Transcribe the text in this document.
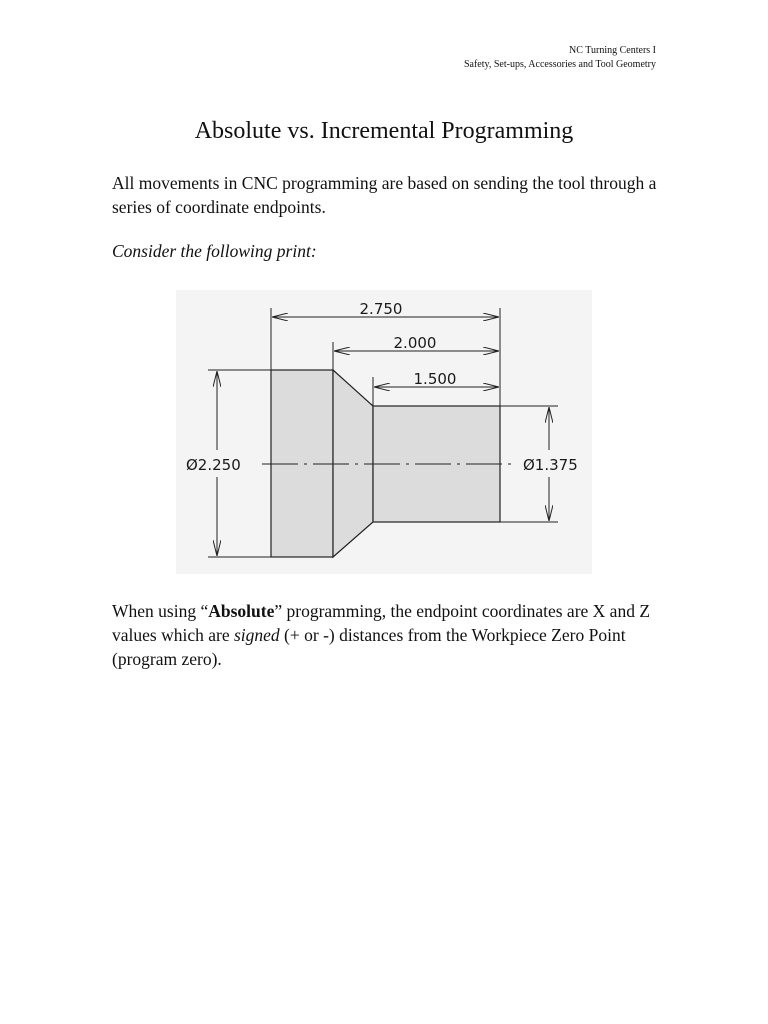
NC Turning Centers I
Safety, Set-ups, Accessories and Tool Geometry
Absolute vs. Incremental Programming

All movements in CNC programming are based on sending the tool through a series of coordinate endpoints.

Consider the following print:

2.750
2.000
1.500
Ø2.250	Ø1.375

When using “Absolute” programming, the endpoint coordinates are X and Z values which are signed (+ or -) distances from the Workpiece Zero Point (program zero).
